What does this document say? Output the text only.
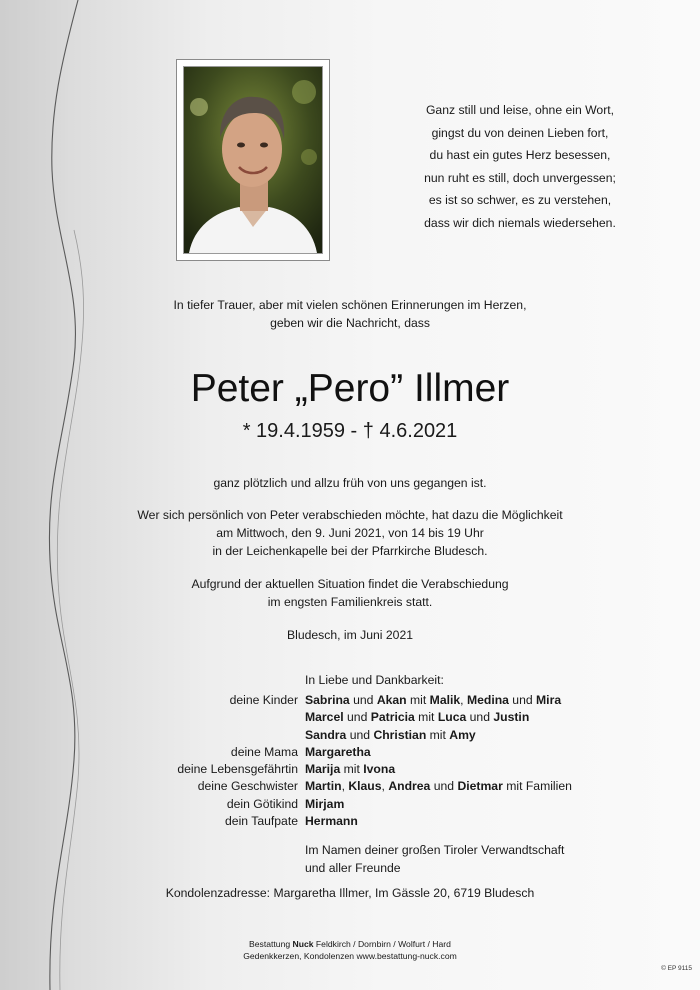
Ganz still und leise, ohne ein Wort,
gingst du von deinen Lieben fort,
du hast ein gutes Herz besessen,
nun ruht es still, doch unvergessen;
es ist so schwer, es zu verstehen,
dass wir dich niemals wiedersehen.
In tiefer Trauer, aber mit vielen schönen Erinnerungen im Herzen,
geben wir die Nachricht, dass
Peter „Pero” Illmer
* 19.4.1959 - † 4.6.2021
ganz plötzlich und allzu früh von uns gegangen ist.
Wer sich persönlich von Peter verabschieden möchte, hat dazu die Möglichkeit
am Mittwoch, den 9. Juni 2021, von 14 bis 19 Uhr
in der Leichenkapelle bei der Pfarrkirche Bludesch.
Aufgrund der aktuellen Situation findet die Verabschiedung
im engsten Familienkreis statt.
Bludesch, im Juni 2021
In Liebe und Dankbarkeit:
deine Kinder Sabrina und Akan mit Malik, Medina und Mira
Marcel und Patricia mit Luca und Justin
Sandra und Christian mit Amy
deine Mama Margaretha
deine Lebensgefährtin Marija mit Ivona
deine Geschwister Martin, Klaus, Andrea und Dietmar mit Familien
dein Götikind Mirjam
dein Taufpate Hermann
Im Namen deiner großen Tiroler Verwandtschaft
und aller Freunde
Kondolenzadresse: Margaretha Illmer, Im Gässle 20, 6719 Bludesch
Bestattung Nuck Feldkirch / Dornbirn / Wolfurt / Hard
Gedenkkerzen, Kondolenzen www.bestattung-nuck.com
© EP 9115
